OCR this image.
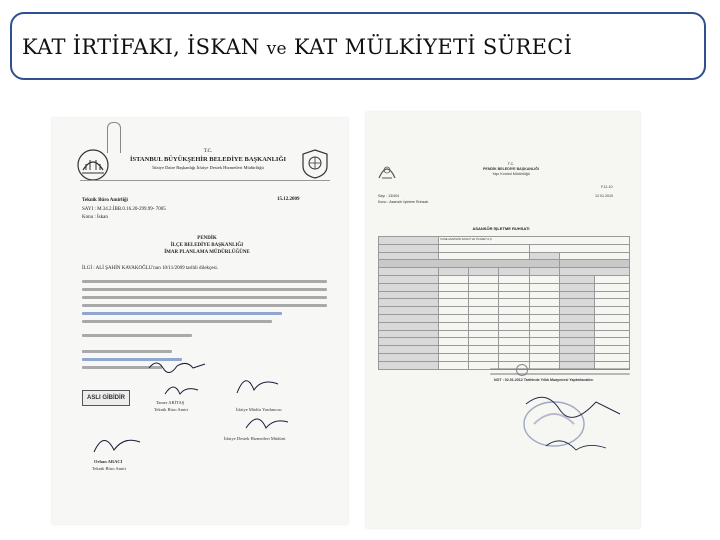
KAT İRTİFAKI, İSKAN ve KAT MÜLKİYETİ SÜRECİ
T.C.
İSTANBUL BÜYÜKŞEHİR BELEDİYE BAŞKANLIĞI
İtfaiye Daire Başkanlığı İtfaiye Destek Hizmetleri Müdürlüğü
Teknik Büro Amirliği	15.12.2009
SAYI : M.34.2.İBB.0.16.20-299.99- 7005
Konu : İskan
PENDİK
İLÇE BELEDİYE BAŞKANLIĞI
İMAR PLANLAMA MÜDÜRLÜĞÜNE
İLGİ : ALİ ŞAHİN KAVAKOĞLU'nun 10/11/2009 tarihli dilekçesi.
ASLI GİBİDİR
Tamer ARİTAŞ
Teknik Büro Amiri	İtfaiye Müdür Yardımcısı
İtfaiye Destek Hizmetleri Müdürü
Orhan ARACI
Teknik Büro Amiri
T.C.
PENDİK BELEDİYE BAŞKANLIĞI
Yapı Kontrol Müdürlüğü
F.11.10
12.01.2010
Sayı : 13/404
Konu : Asansör İşletme Ruhsatı
ASANSÖR İŞLETME RUHSATI
	KONE ASANSÖR SANAYİ VE TİCARET A.Ş.					

NOT : 02.01.2012 Tarihinde Yıllık Muayenesi Yaptırılacaktır.
